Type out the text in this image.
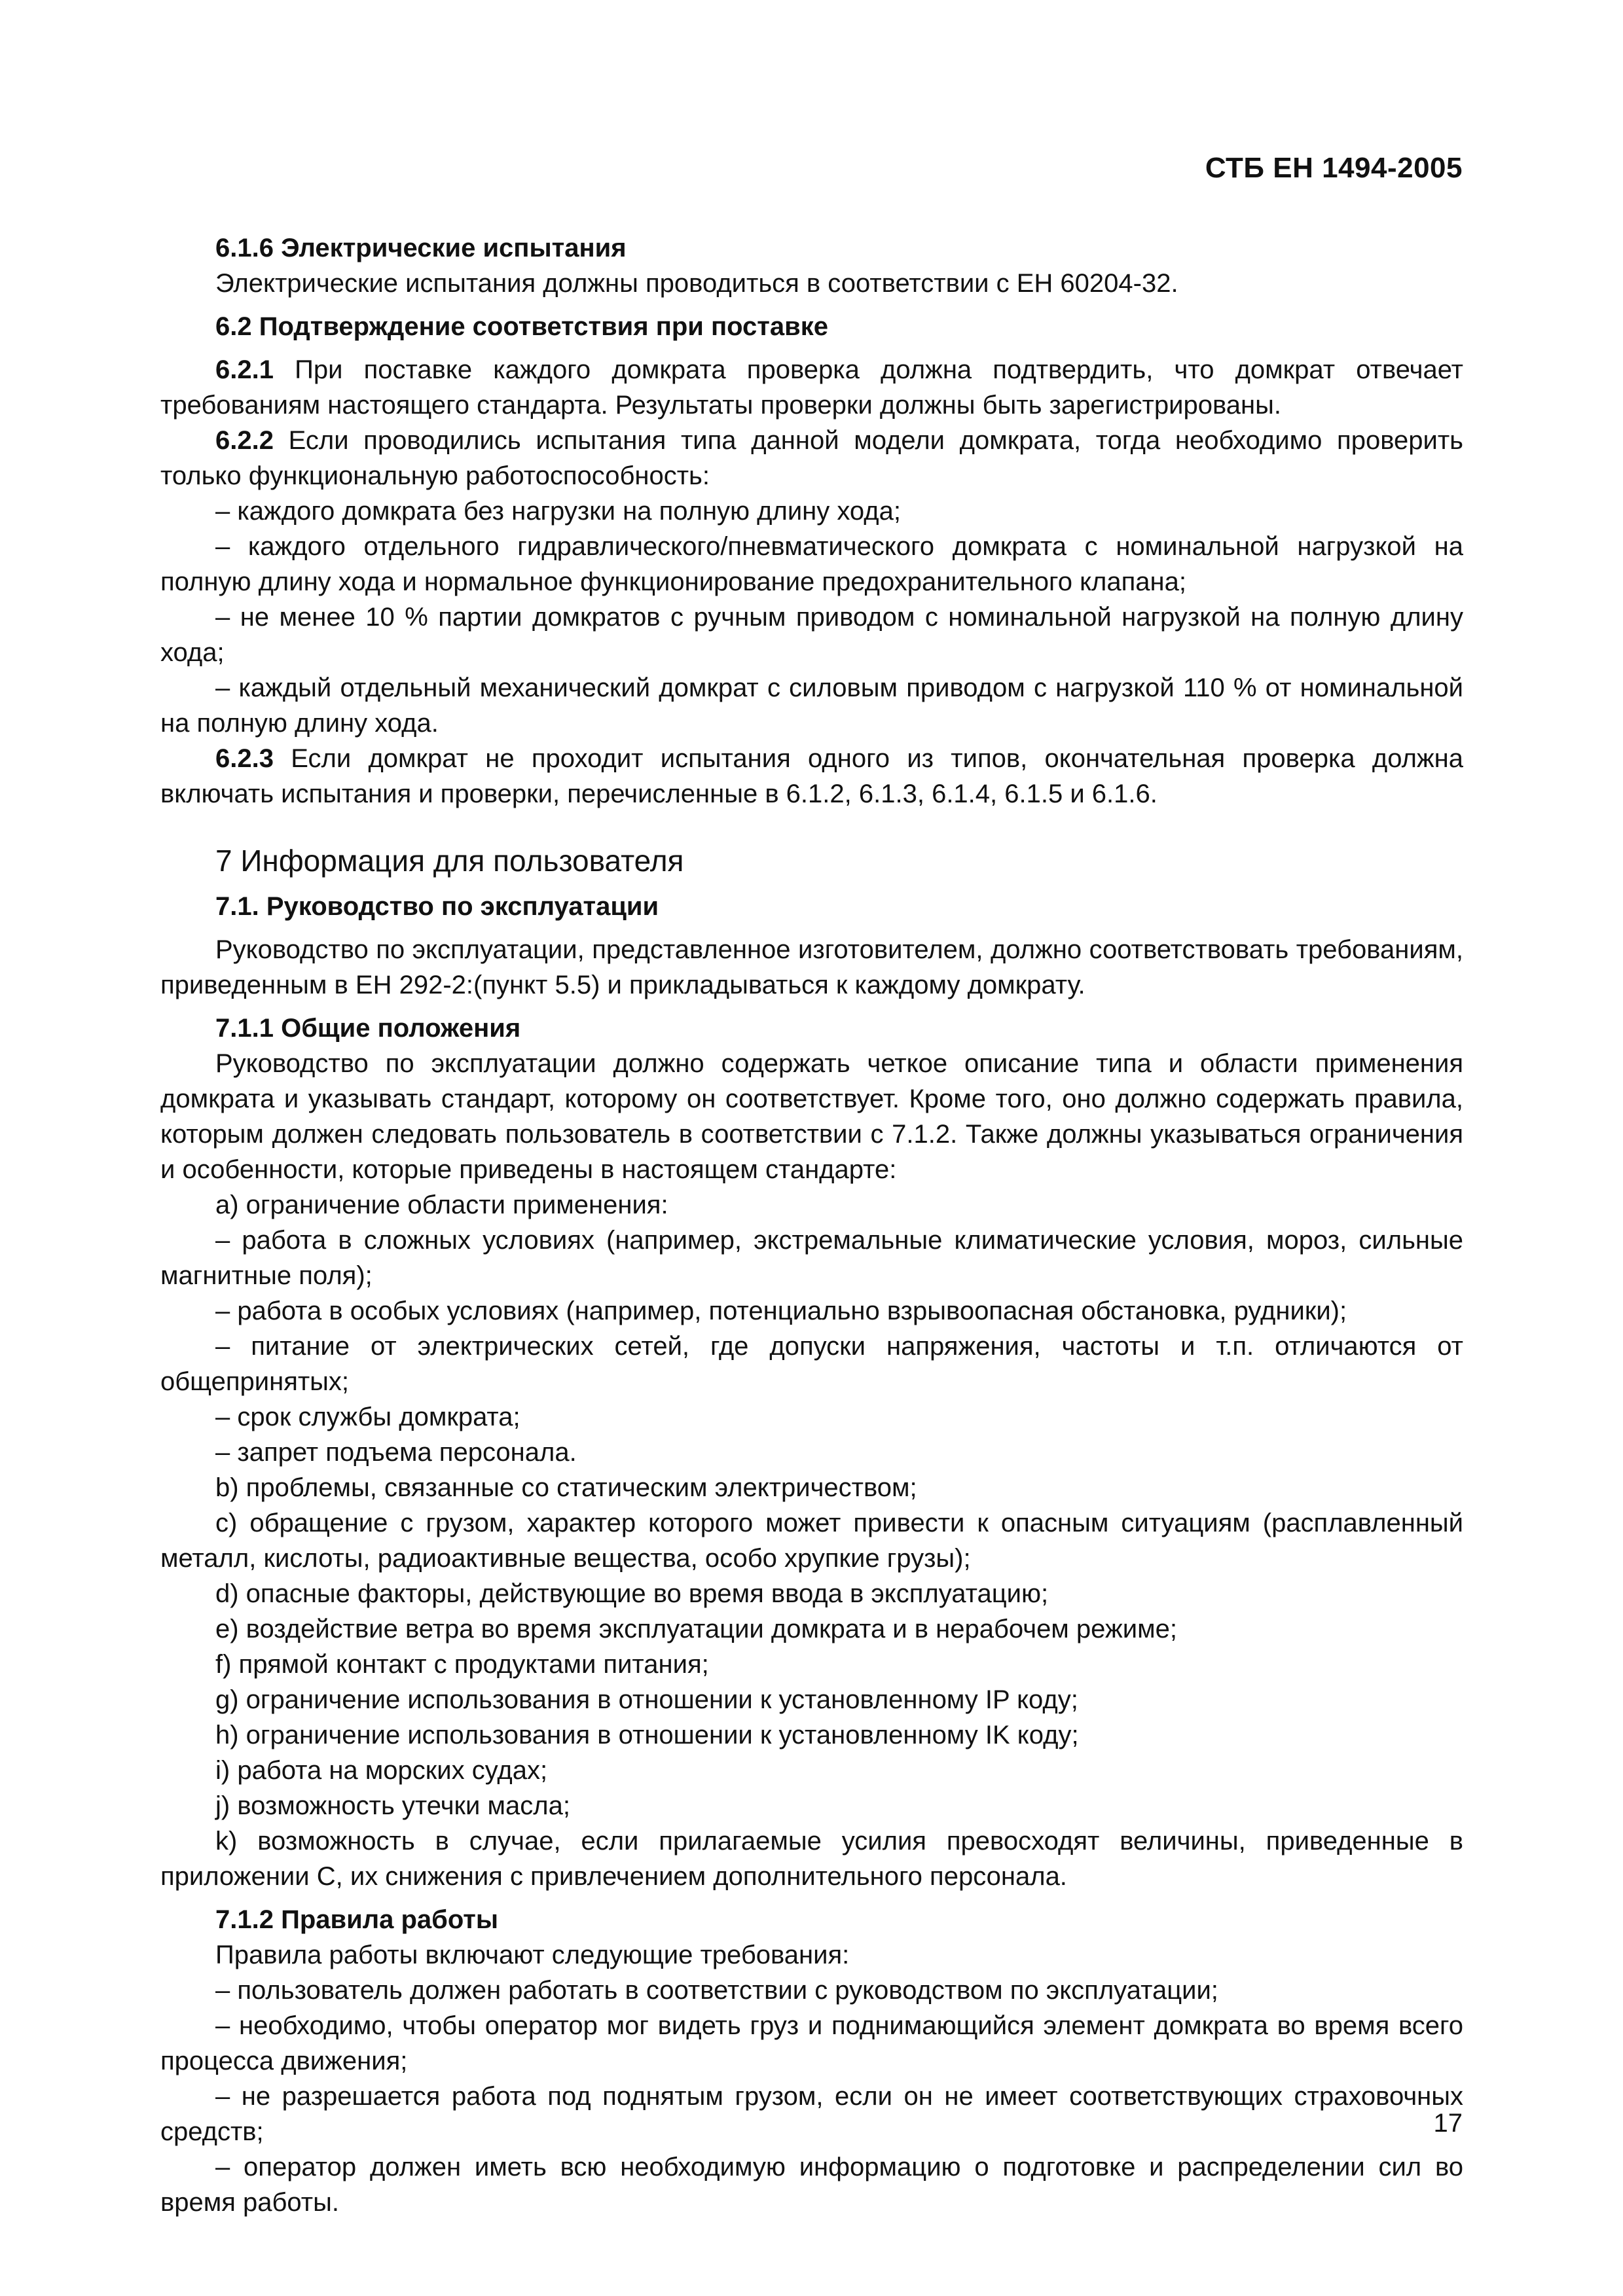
СТБ ЕН 1494-2005
6.1.6 Электрические испытания

Электрические испытания должны проводиться в соответствии с ЕН 60204-32.

6.2 Подтверждение соответствия при поставке

6.2.1 При поставке каждого домкрата проверка должна подтвердить, что домкрат отвечает требованиям настоящего стандарта. Результаты проверки должны быть зарегистрированы.

6.2.2 Если проводились испытания типа данной модели домкрата, тогда необходимо проверить только функциональную работоспособность:

– каждого домкрата без нагрузки на полную длину хода;

– каждого отдельного гидравлического/пневматического домкрата с номинальной нагрузкой на полную длину хода и нормальное функционирование предохранительного клапана;

– не менее 10 % партии домкратов с ручным приводом с номинальной нагрузкой на полную длину хода;

– каждый отдельный механический домкрат с силовым приводом с нагрузкой 110 % от номинальной на полную длину хода.

6.2.3 Если домкрат не проходит испытания одного из типов, окончательная проверка должна включать испытания и проверки, перечисленные в 6.1.2, 6.1.3, 6.1.4, 6.1.5 и 6.1.6.

7 Информация для пользователя
7.1. Руководство по эксплуатации

Руководство по эксплуатации, представленное изготовителем, должно соответствовать требованиям, приведенным в ЕН 292-2:(пункт 5.5) и прикладываться к каждому домкрату.

7.1.1 Общие положения

Руководство по эксплуатации должно содержать четкое описание типа и области применения домкрата и указывать стандарт, которому он соответствует. Кроме того, оно должно содержать правила, которым должен следовать пользователь в соответствии с 7.1.2. Также должны указываться ограничения и особенности, которые приведены в настоящем стандарте:

а) ограничение области применения:

– работа в сложных условиях (например, экстремальные климатические условия, мороз, сильные магнитные поля);

– работа в особых условиях (например, потенциально взрывоопасная обстановка, рудники);

– питание от электрических сетей, где допуски напряжения, частоты и т.п. отличаются от общепринятых;

– срок службы домкрата;

– запрет подъема персонала.

b) проблемы, связанные со статическим электричеством;

c) обращение с грузом, характер которого может привести к опасным ситуациям (расплавленный металл, кислоты, радиоактивные вещества, особо хрупкие грузы);

d) опасные факторы, действующие во время ввода в эксплуатацию;

e) воздействие ветра во время эксплуатации домкрата и в нерабочем режиме;

f) прямой контакт с продуктами питания;

g) ограничение использования в отношении к установленному IP коду;

h) ограничение использования в отношении к установленному IK коду;

i) работа на морских судах;

j) возможность утечки масла;

k) возможность в случае, если прилагаемые усилия превосходят величины, приведенные в приложении С, их снижения с привлечением дополнительного персонала.

7.1.2 Правила работы

Правила работы включают следующие требования:

– пользователь должен работать в соответствии с руководством по эксплуатации;

– необходимо, чтобы оператор мог видеть груз и поднимающийся элемент домкрата во время всего процесса движения;

– не разрешается работа под поднятым грузом, если он не имеет соответствующих страховочных средств;

– оператор должен иметь всю необходимую информацию о подготовке и распределении сил во время работы.

17
